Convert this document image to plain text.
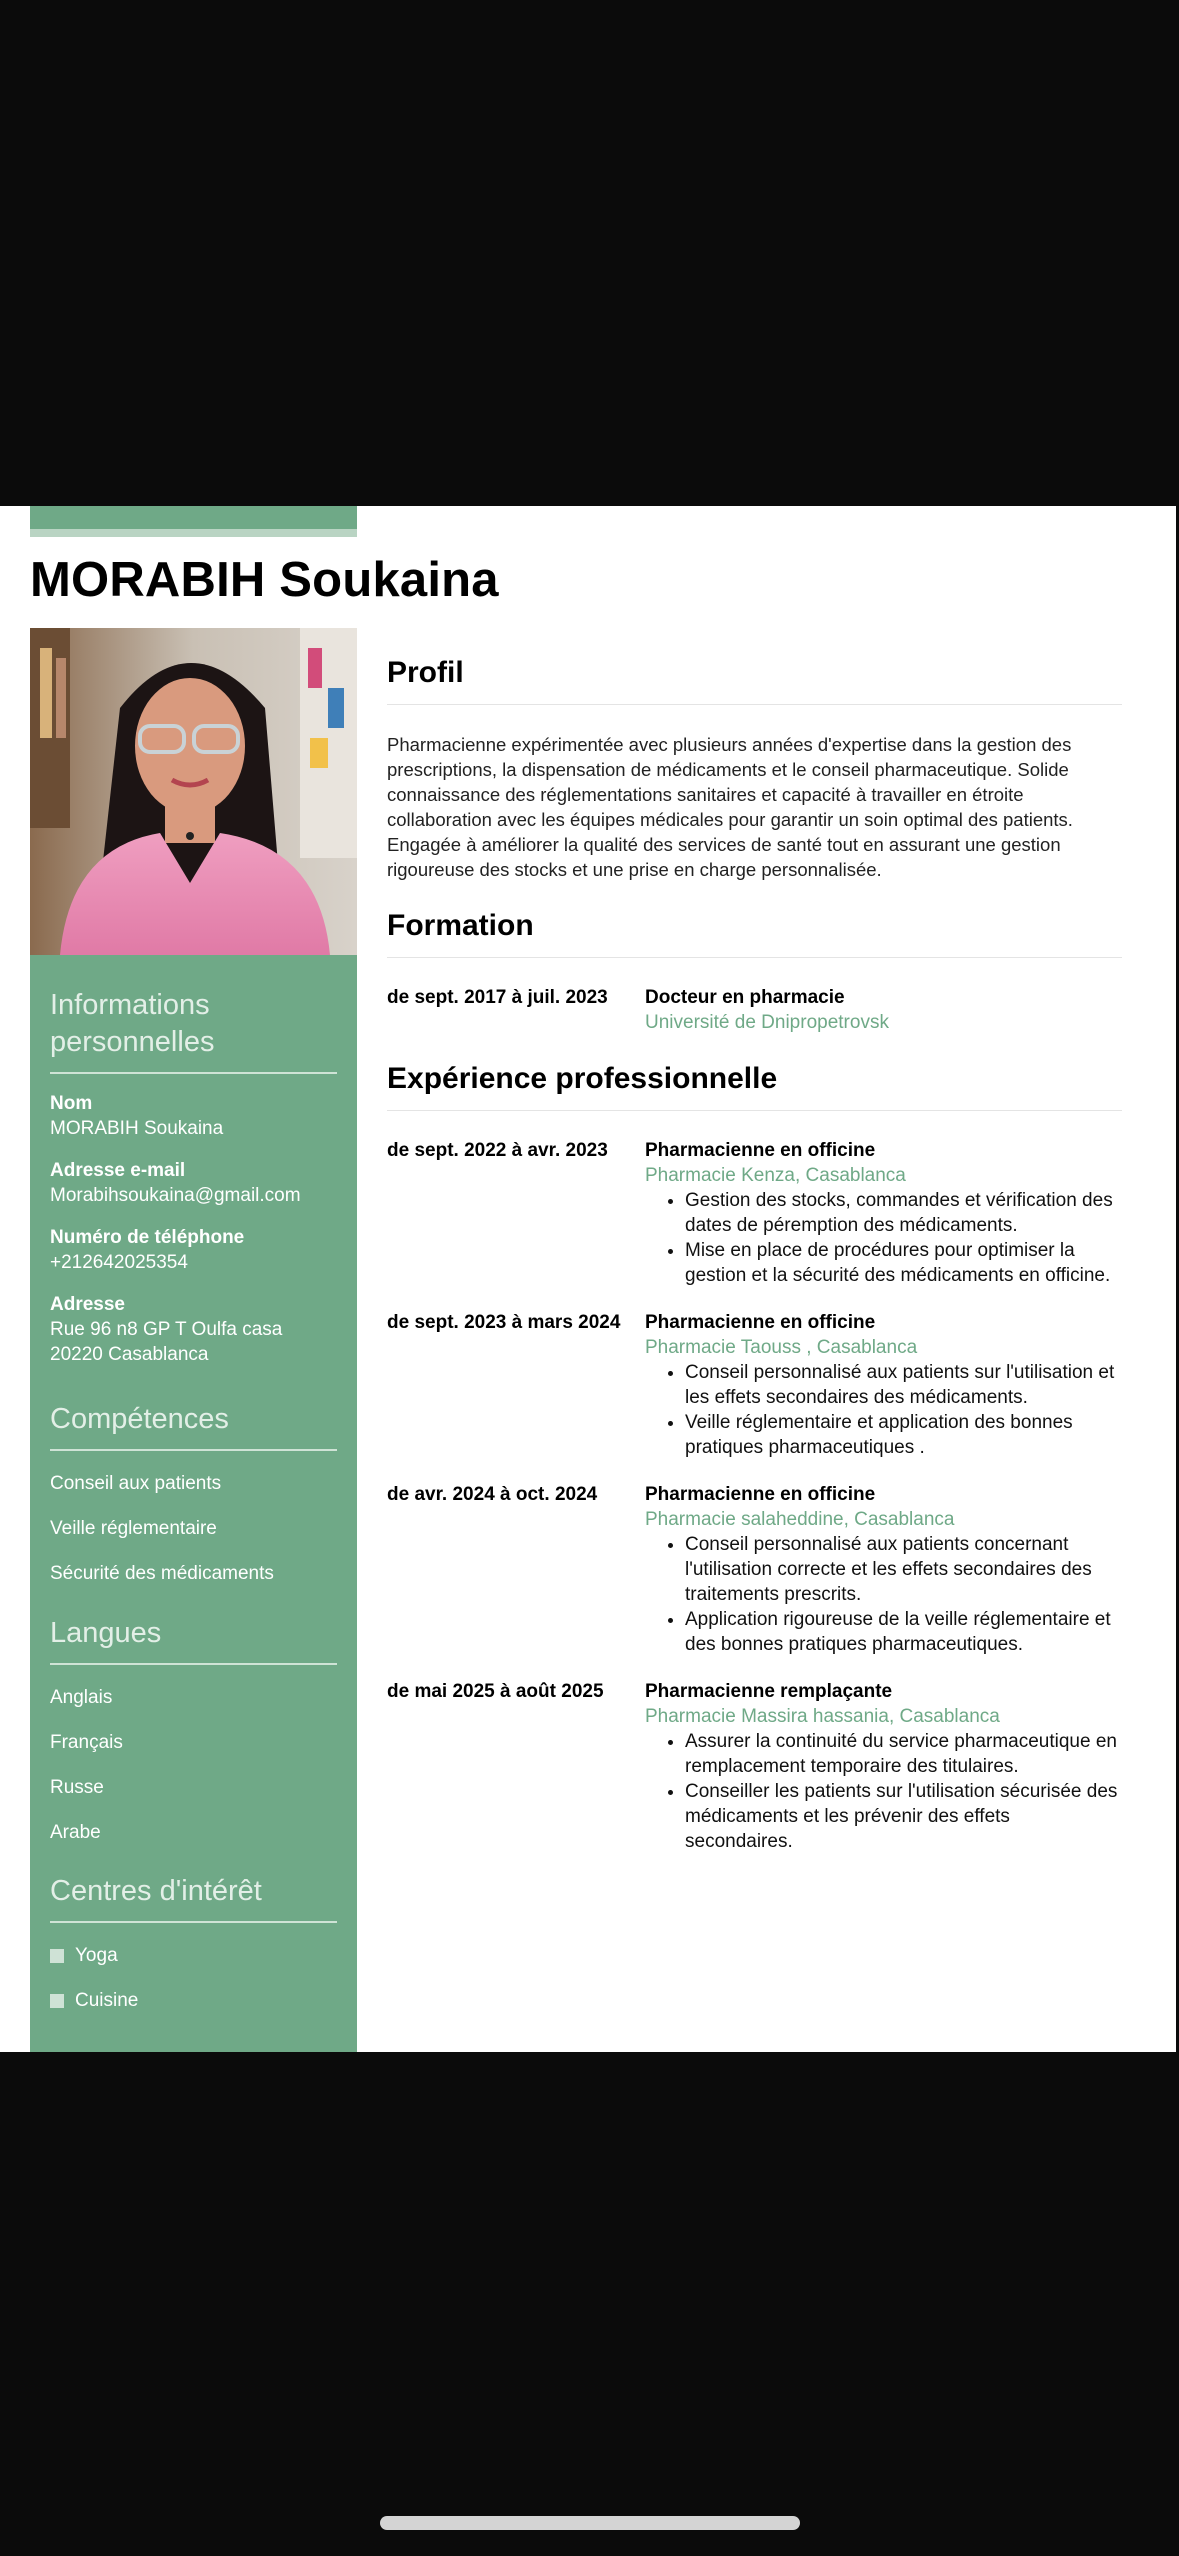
MORABIH Soukaina
Informations
personnelles
Nom
MORABIH Soukaina
Adresse e-mail
Morabihsoukaina@gmail.com
Numéro de téléphone
+212642025354
Adresse
Rue 96 n8 GP T Oulfa casa
20220 Casablanca
Compétences
Conseil aux patients
Veille réglementaire
Sécurité des médicaments
Langues
Anglais
Français
Russe
Arabe
Centres d'intérêt
Yoga
Cuisine
Profil

Pharmacienne expérimentée avec plusieurs années d'expertise dans la gestion des prescriptions, la dispensation de médicaments et le conseil pharmaceutique. Solide connaissance des réglementations sanitaires et capacité à travailler en étroite collaboration avec les équipes médicales pour garantir un soin optimal des patients. Engagée à améliorer la qualité des services de santé tout en assurant une gestion rigoureuse des stocks et une prise en charge personnalisée.

Formation
de sept. 2017 à juil. 2023	Docteur en pharmacie
Université de Dnipropetrovsk
Expérience professionnelle
de sept. 2022 à avr. 2023	Pharmacienne en officine
Pharmacie Kenza, Casablanca
• Gestion des stocks, commandes et vérification des dates de péremption des médicaments.
• Mise en place de procédures pour optimiser la gestion et la sécurité des médicaments en officine.
de sept. 2023 à mars 2024	Pharmacienne en officine
Pharmacie Taouss , Casablanca
• Conseil personnalisé aux patients sur l'utilisation et les effets secondaires des médicaments.
• Veille réglementaire et application des bonnes pratiques pharmaceutiques .
de avr. 2024 à oct. 2024	Pharmacienne en officine
Pharmacie salaheddine, Casablanca
• Conseil personnalisé aux patients concernant l'utilisation correcte et les effets secondaires des traitements prescrits.
• Application rigoureuse de la veille réglementaire et des bonnes pratiques pharmaceutiques.
de mai 2025 à août 2025	Pharmacienne remplaçante
Pharmacie Massira hassania, Casablanca
• Assurer la continuité du service pharmaceutique en remplacement temporaire des titulaires.
• Conseiller les patients sur l'utilisation sécurisée des médicaments et les prévenir des effets secondaires.
